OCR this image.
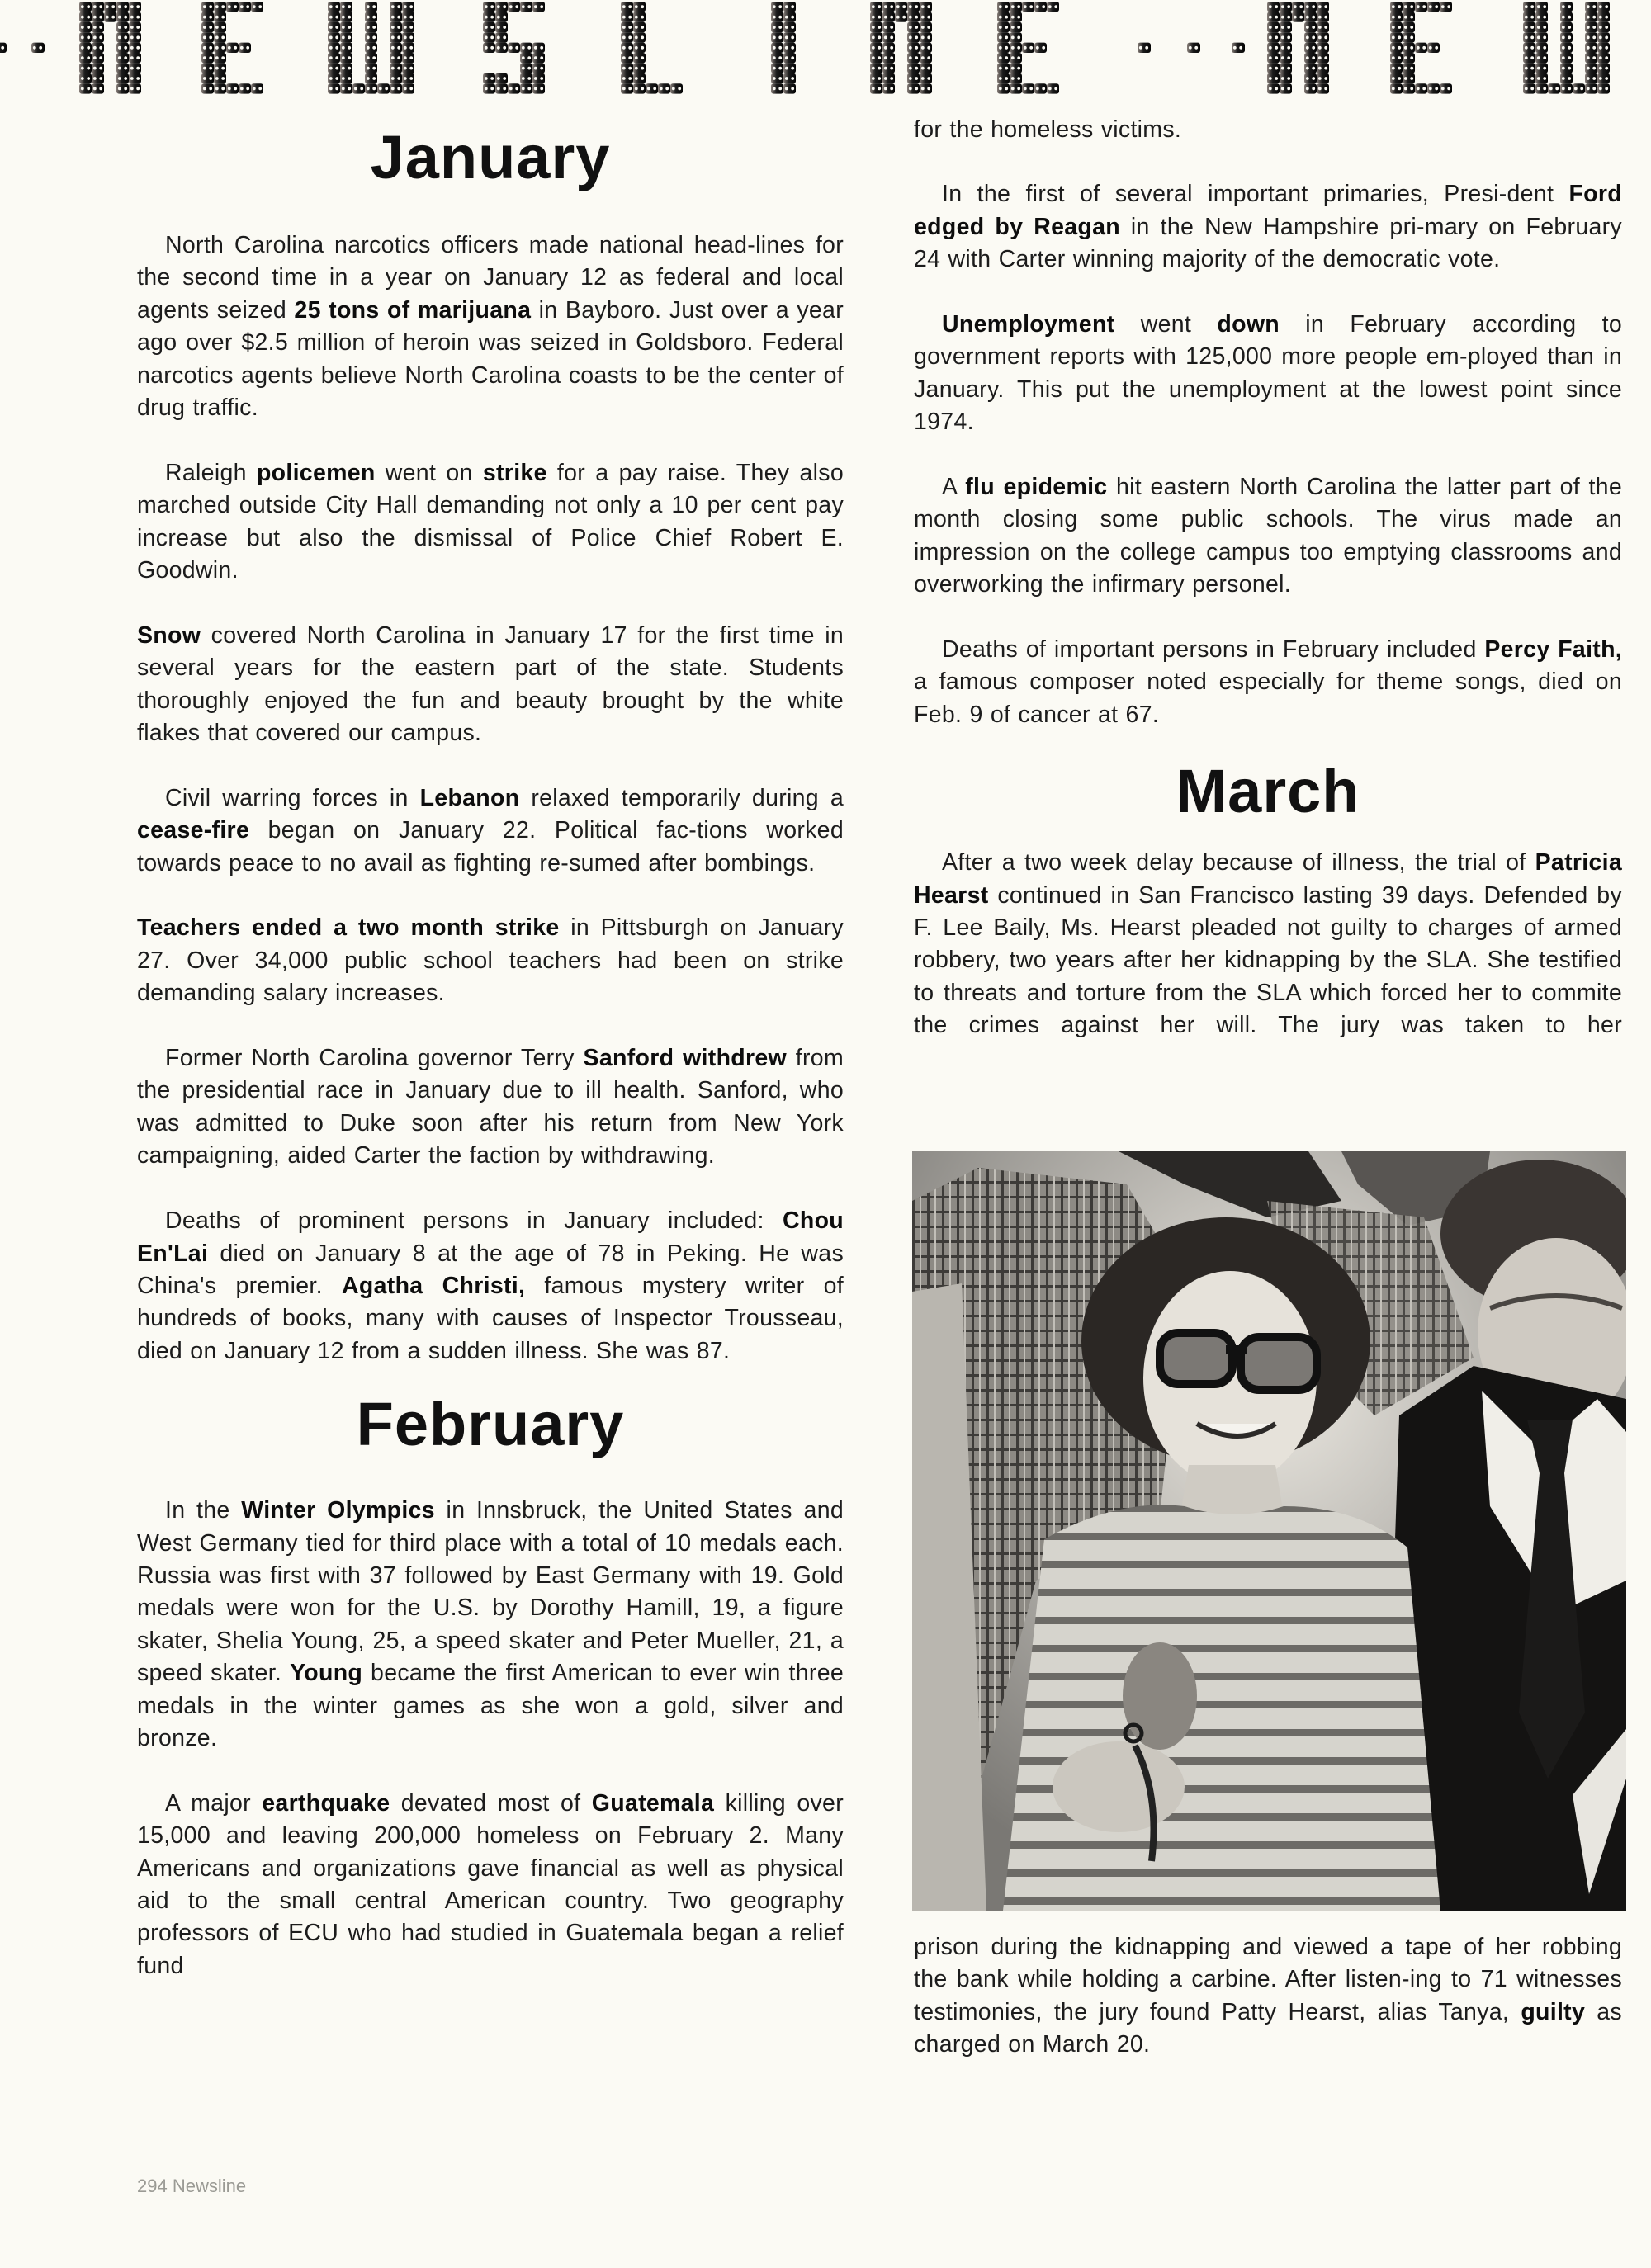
January

North Carolina narcotics officers made national head-lines for the second time in a year on January 12 as federal and local agents seized 25 tons of marijuana in Bayboro. Just over a year ago over $2.5 million of heroin was seized in Goldsboro. Federal narcotics agents believe North Carolina coasts to be the center of drug traffic.

Raleigh policemen went on strike for a pay raise. They also marched outside City Hall demanding not only a 10 per cent pay increase but also the dismissal of Police Chief Robert E. Goodwin.

Snow covered North Carolina in January 17 for the first time in several years for the eastern part of the state. Students thoroughly enjoyed the fun and beauty brought by the white flakes that covered our campus.

Civil warring forces in Lebanon relaxed temporarily during a cease-fire began on January 22. Political fac-tions worked towards peace to no avail as fighting re-sumed after bombings.

Teachers ended a two month strike in Pittsburgh on January 27. Over 34,000 public school teachers had been on strike demanding salary increases.

Former North Carolina governor Terry Sanford withdrew from the presidential race in January due to ill health. Sanford, who was admitted to Duke soon after his return from New York campaigning, aided Carter the faction by withdrawing.

Deaths of prominent persons in January included: Chou En'Lai died on January 8 at the age of 78 in Peking. He was China's premier. Agatha Christi, famous mystery writer of hundreds of books, many with causes of Inspector Trousseau, died on January 12 from a sudden illness. She was 87.

February

In the Winter Olympics in Innsbruck, the United States and West Germany tied for third place with a total of 10 medals each. Russia was first with 37 followed by East Germany with 19. Gold medals were won for the U.S. by Dorothy Hamill, 19, a figure skater, Shelia Young, 25, a speed skater and Peter Mueller, 21, a speed skater. Young became the first American to ever win three medals in the winter games as she won a gold, silver and bronze.

A major earthquake devated most of Guatemala killing over 15,000 and leaving 200,000 homeless on February 2. Many Americans and organizations gave financial as well as physical aid to the small central American country. Two geography professors of ECU who had studied in Guatemala began a relief fund

for the homeless victims.

In the first of several important primaries, Presi-dent Ford edged by Reagan in the New Hampshire pri-mary on February 24 with Carter winning majority of the democratic vote.

Unemployment went down in February according to government reports with 125,000 more people em-ployed than in January. This put the unemployment at the lowest point since 1974.

A flu epidemic hit eastern North Carolina the latter part of the month closing some public schools. The virus made an impression on the college campus too emptying classrooms and overworking the infirmary personel.

Deaths of important persons in February included Percy Faith, a famous composer noted especially for theme songs, died on Feb. 9 of cancer at 67.

March

After a two week delay because of illness, the trial of Patricia Hearst continued in San Francisco lasting 39 days. Defended by F. Lee Baily, Ms. Hearst pleaded not guilty to charges of armed robbery, two years after her kidnapping by the SLA. She testified to threats and torture from the SLA which forced her to commite the crimes against her will. The jury was taken to her

prison during the kidnapping and viewed a tape of her robbing the bank while holding a carbine. After listen-ing to 71 witnesses testimonies, the jury found Patty Hearst, alias Tanya, guilty as charged on March 20.

294 Newsline
